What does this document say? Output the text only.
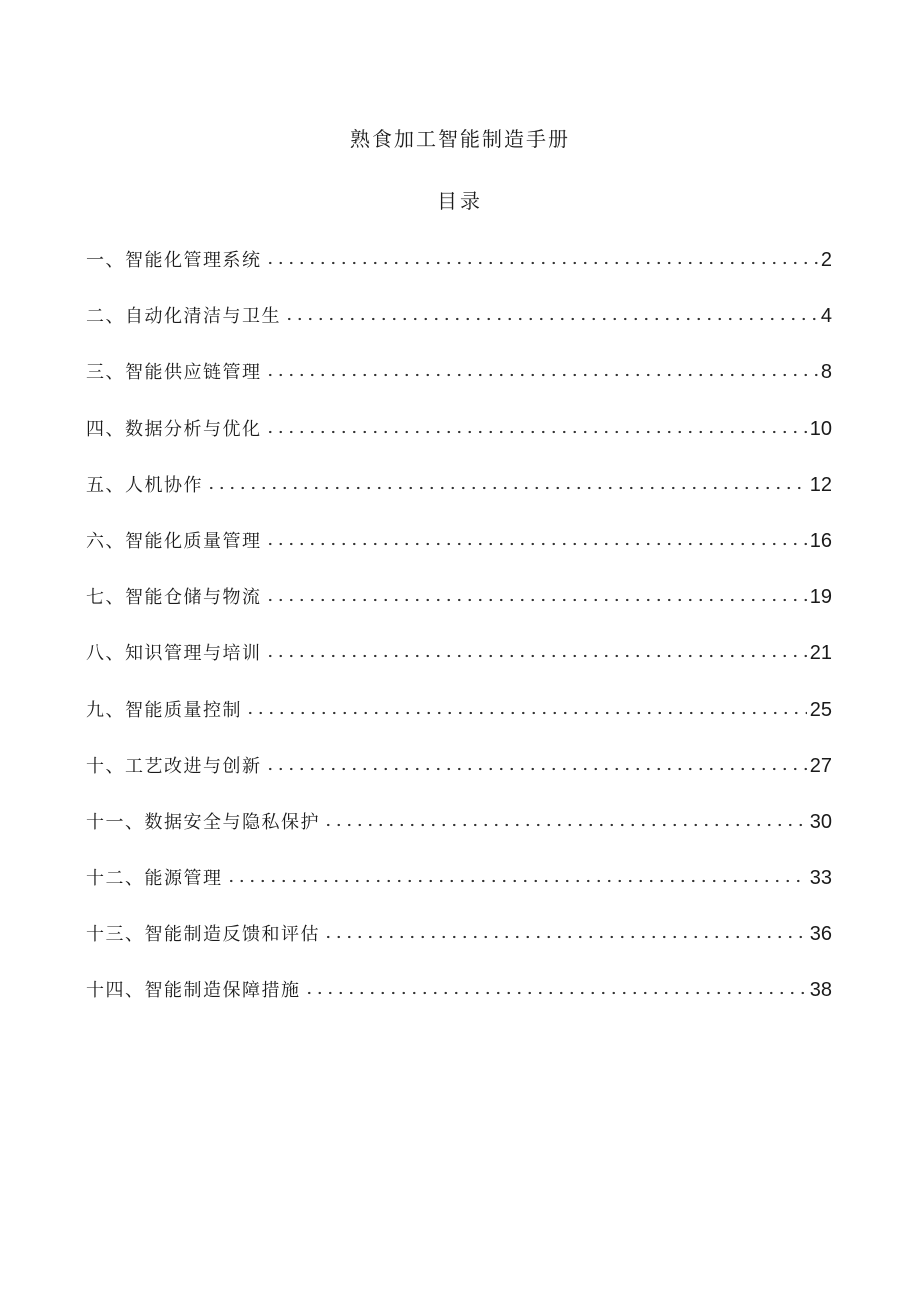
熟食加工智能制造手册
目录
一、智能化管理系统	2
二、自动化清洁与卫生	4
三、智能供应链管理	8
四、数据分析与优化	10
五、人机协作	12
六、智能化质量管理	16
七、智能仓储与物流	19
八、知识管理与培训	21
九、智能质量控制	25
十、工艺改进与创新	27
十一、数据安全与隐私保护	30
十二、能源管理	33
十三、智能制造反馈和评估	36
十四、智能制造保障措施	38
